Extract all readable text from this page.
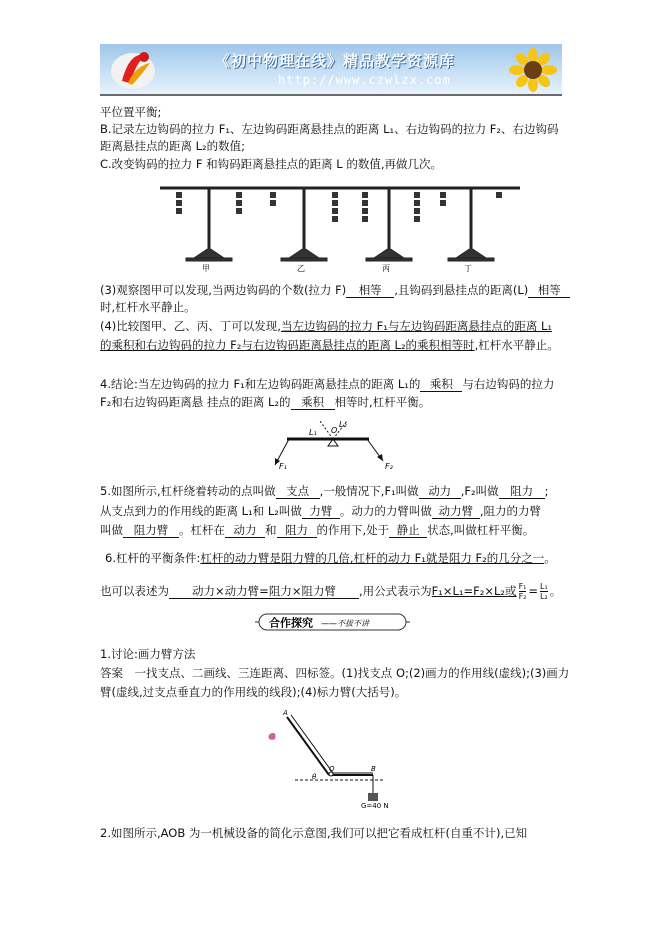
《初中物理在线》精品教学资源库
http://www.czwlzx.com
平位置平衡;
B.记录左边钩码的拉力 F₁、左边钩码距离悬挂点的距离 L₁、右边钩码的拉力 F₂、右边钩码
距离悬挂点的距离 L₂的数值;
C.改变钩码的拉力 F 和钩码距离悬挂点的距离 L 的数值,再做几次。
甲	乙	丙	丁
(3)观察图甲可以发现,当两边钩码的个数(拉力 F) 相等 ,且钩码到悬挂点的距离(L) 相等
时,杠杆水平静止。
(4)比较图甲、乙、丙、丁可以发现,当左边钩码的拉力 F₁与左边钩码距离悬挂点的距离 L₁
的乘积和右边钩码的拉力 F₂与右边钩码距离悬挂点的距离 L₂的乘积相等时,杠杆水平静止。
4.结论:当左边钩码的拉力 F₁和左边钩码距离悬挂点的距离 L₁的 乘积 与右边钩码的拉力
F₂和右边钩码距离悬 挂点的距离 L₂的 乘积 相等时,杠杆平衡。
L₁
L₂
O
F₁	F₂
5.如图所示,杠杆绕着转动的点叫做 支点 ,一般情况下,F₁叫做 动力 ,F₂叫做 阻力 ;
从支点到力的作用线的距离 L₁和 L₂叫做 力臂 。动力的力臂叫做 动力臂 ,阻力的力臂
叫做 阻力臂 。杠杆在 动力 和 阻力 的作用下,处于 静止 状态,叫做杠杆平衡。
6.杠杆的平衡条件:杠杆的动力臂是阻力臂的几倍,杠杆的动力 F₁就是阻力 F₂的几分之一。
也可以表述为 动力×动力臂=阻力×阻力臂 ,用公式表示为F₁×L₁=F₂×L₂或 $\frac{\text{F₁}}{\text{F₂}} = \frac{\text{L₁}}{\text{L₂}}$ 。
合作探究 ——不拔不讲
1.讨论:画力臂方法
答案　一找支点、二画线、三连距离、四标签。(1)找支点 O;(2)画力的作用线(虚线);(3)画力
臂(虚线,过支点垂直力的作用线的线段);(4)标力臂(大括号)。
A
O	B
θ
G=40 N
2.如图所示,AOB 为一机械设备的简化示意图,我们可以把它看成杠杆(自重不计),已知
